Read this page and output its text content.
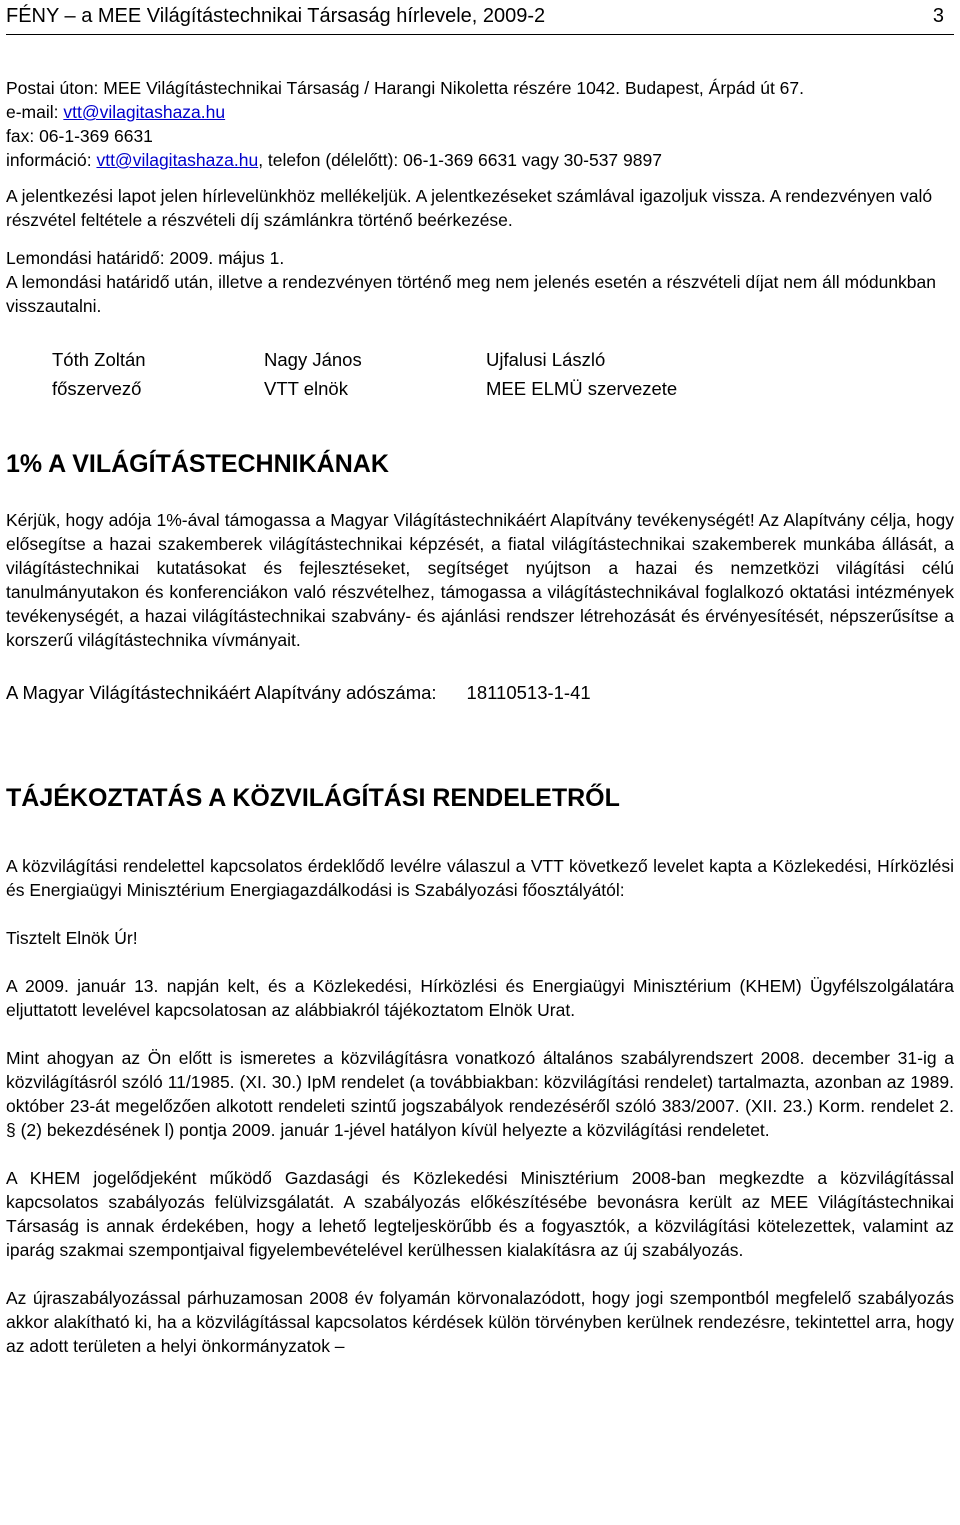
FÉNY – a MEE Világítástechnikai Társaság hírlevele, 2009-2	3

Postai úton: MEE Világítástechnikai Társaság / Harangi Nikoletta részére 1042. Budapest, Árpád út 67.

e-mail: vtt@vilagitashaza.hu

fax: 06-1-369 6631

információ: vtt@vilagitashaza.hu, telefon (délelőtt): 06-1-369 6631 vagy 30-537 9897

A jelentkezési lapot jelen hírlevelünkhöz mellékeljük. A jelentkezéseket számlával igazoljuk vissza. A rendezvényen való részvétel feltétele a részvételi díj számlánkra történő beérkezése.

Lemondási határidő: 2009. május 1.

A lemondási határidő után, illetve a rendezvényen történő meg nem jelenés esetén a részvételi díjat nem áll módunkban visszautalni.

Tóth Zoltán	Nagy János	Ujfalusi László
főszervező	VTT elnök	MEE ELMÜ szervezete
1% A VILÁGÍTÁSTECHNIKÁNAK

Kérjük, hogy adója 1%-ával támogassa a Magyar Világítástechnikáért Alapítvány tevékenységét! Az Alapítvány célja, hogy elősegítse a hazai szakemberek világítástechnikai képzését, a fiatal világítástechnikai szakemberek munkába állását, a világítástechnikai kutatásokat és fejlesztéseket, segítséget nyújtson a hazai és nemzetközi világítási célú tanulmányutakon és konferenciákon való részvételhez, támogassa a világítástechnikával foglalkozó oktatási intézmények tevékenységét, a hazai világítástechnikai szabvány- és ajánlási rendszer létrehozását és érvényesítését, népszerűsítse a korszerű világítástechnika vívmányait.

A Magyar Világítástechnikáért Alapítvány adószáma: 18110513-1-41

TÁJÉKOZTATÁS A KÖZVILÁGÍTÁSI RENDELETRŐL

A közvilágítási rendelettel kapcsolatos érdeklődő levélre válaszul a VTT következő levelet kapta a Közlekedési, Hírközlési és Energiaügyi Minisztérium Energiagazdálkodási is Szabályozási főosztályától:

Tisztelt Elnök Úr!

A 2009. január 13. napján kelt, és a Közlekedési, Hírközlési és Energiaügyi Minisztérium (KHEM) Ügyfélszolgálatára eljuttatott levelével kapcsolatosan az alábbiakról tájékoztatom Elnök Urat.

Mint ahogyan az Ön előtt is ismeretes a közvilágításra vonatkozó általános szabályrendszert 2008. december 31-ig a közvilágításról szóló 11/1985. (XI. 30.) IpM rendelet (a továbbiakban: közvilágítási rendelet) tartalmazta, azonban az 1989. október 23-át megelőzően alkotott rendeleti szintű jogszabályok rendezéséről szóló 383/2007. (XII. 23.) Korm. rendelet 2. § (2) bekezdésének l) pontja 2009. január 1-jével hatályon kívül helyezte a közvilágítási rendeletet.

A KHEM jogelődjeként működő Gazdasági és Közlekedési Minisztérium 2008-ban megkezdte a közvilágítással kapcsolatos szabályozás felülvizsgálatát. A szabályozás előkészítésébe bevonásra került az MEE Világítástechnikai Társaság is annak érdekében, hogy a lehető legteljeskörűbb és a fogyasztók, a közvilágítási kötelezettek, valamint az iparág szakmai szempontjaival figyelembevételével kerülhessen kialakításra az új szabályozás.

Az újraszabályozással párhuzamosan 2008 év folyamán körvonalazódott, hogy jogi szempontból megfelelő szabályozás akkor alakítható ki, ha a közvilágítással kapcsolatos kérdések külön törvényben kerülnek rendezésre, tekintettel arra, hogy az adott területen a helyi önkormányzatok –
